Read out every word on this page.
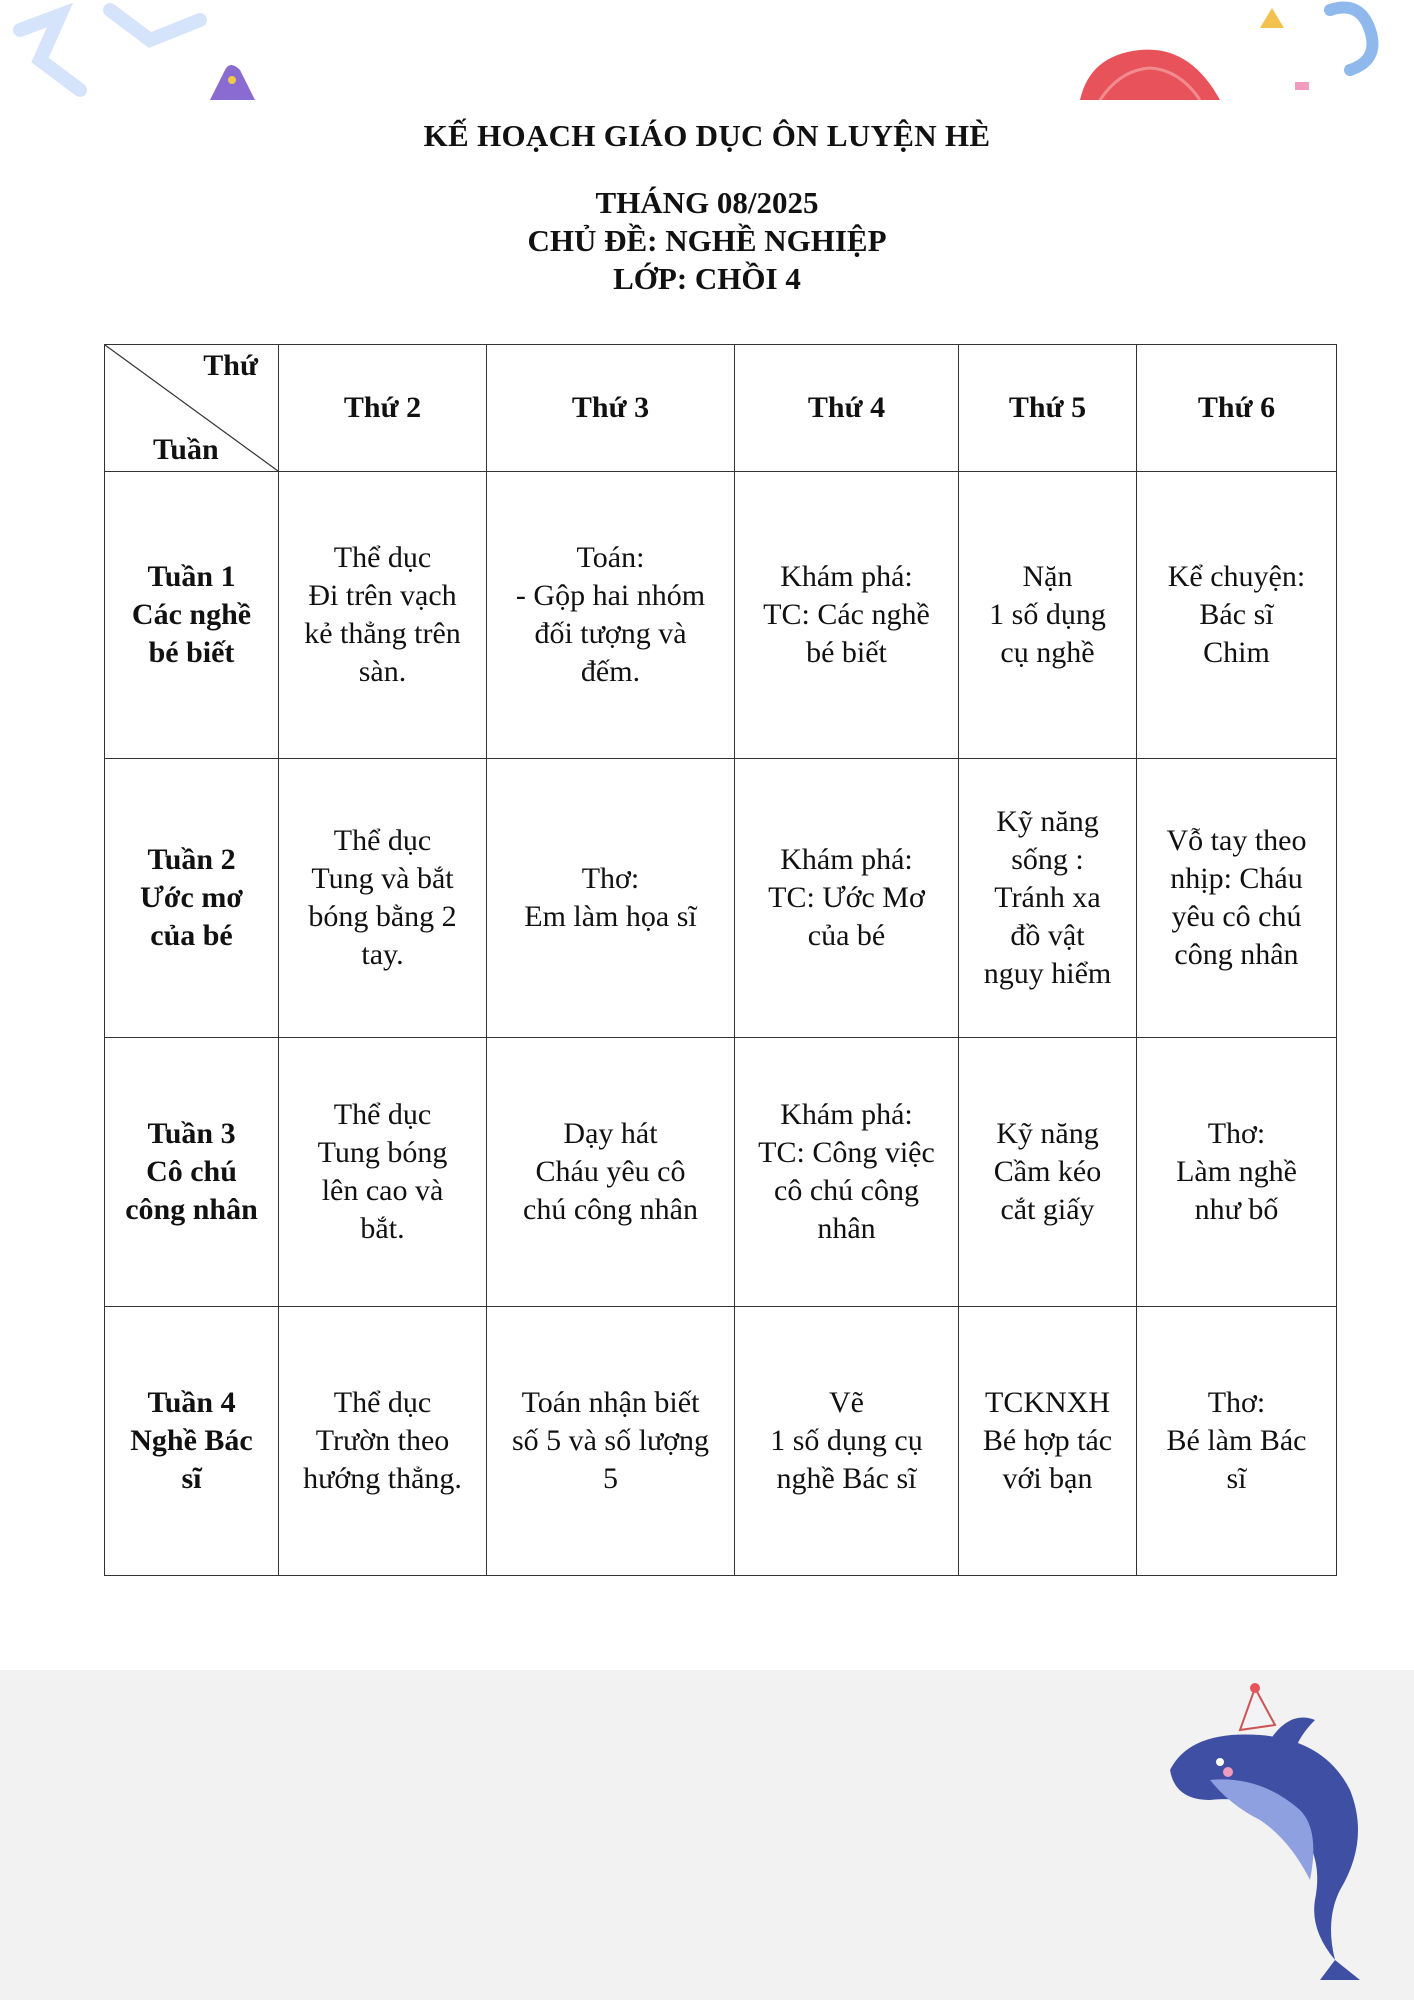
KẾ HOẠCH GIÁO DỤC ÔN LUYỆN HÈ
THÁNG 08/2025
CHỦ ĐỀ: NGHỀ NGHIỆP
LỚP: CHỒI 4
Thứ
Tuần	Thứ 2	Thứ 3	Thứ 4	Thứ 5	Thứ 6

Tuần 1
Các nghề
bé biết	Thể dục
Đi trên vạch
kẻ thẳng trên
sàn.	Toán:
- Gộp hai nhóm
đối tượng và
đếm.	Khám phá:
TC: Các nghề
bé biết	Nặn
1 số dụng
cụ nghề	Kể chuyện:
Bác sĩ
Chim

Tuần 2
Ước mơ
của bé	Thể dục
Tung và bắt
bóng bằng 2
tay.	Thơ:
Em làm họa sĩ	Khám phá:
TC: Ước Mơ
của bé	Kỹ năng
sống :
Tránh xa
đồ vật
nguy hiểm	Vỗ tay theo
nhịp: Cháu
yêu cô chú
công nhân

Tuần 3
Cô chú
công nhân	Thể dục
Tung bóng
lên cao và
bắt.	Dạy hát
Cháu yêu cô
chú công nhân	Khám phá:
TC: Công việc
cô chú công
nhân	Kỹ năng
Cầm kéo
cắt giấy	Thơ:
Làm nghề
như bố

Tuần 4
Nghề Bác
sĩ	Thể dục
Trườn theo
hướng thẳng.	Toán nhận biết
số 5 và số lượng
5	Vẽ
1 số dụng cụ
nghề Bác sĩ	TCKNXH
Bé hợp tác
với bạn	Thơ:
Bé làm Bác
sĩ
